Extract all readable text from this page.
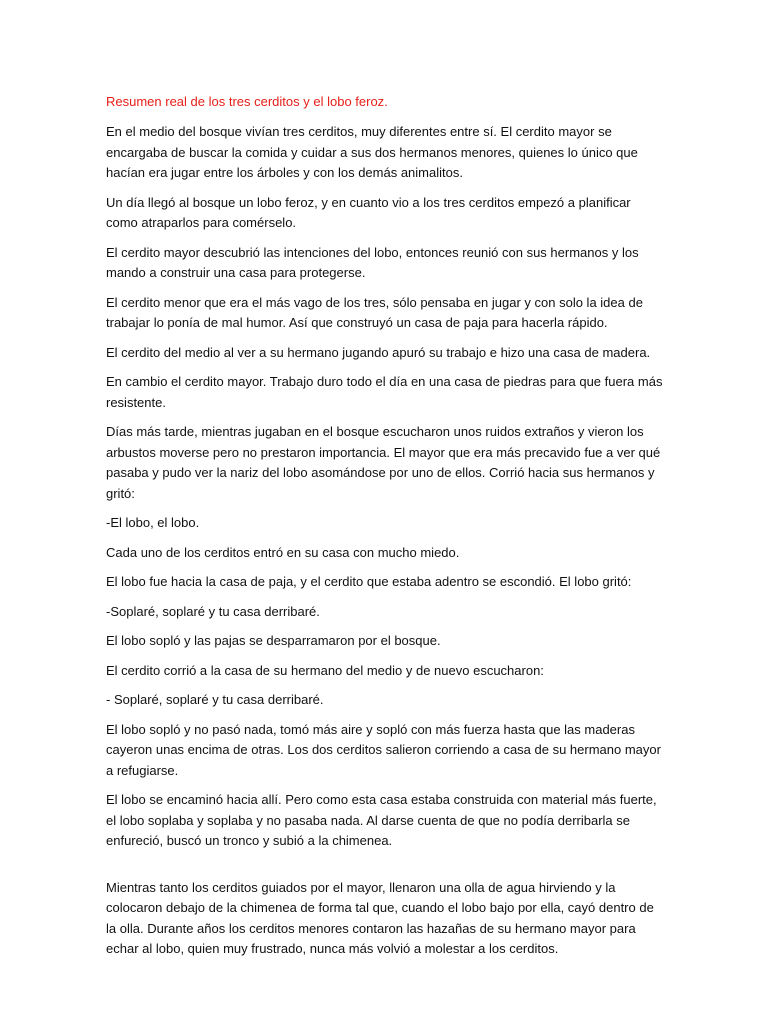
Resumen real de los tres cerditos y el lobo feroz.

En el medio del bosque vivían tres cerditos, muy diferentes entre sí. El cerdito mayor se encargaba de buscar la comida y cuidar a sus dos hermanos menores, quienes lo único que hacían era jugar entre los árboles y con los demás animalitos.

Un día llegó al bosque un lobo feroz, y en cuanto vio a los tres cerditos empezó a planificar como atraparlos para comérselo.

El cerdito mayor descubrió las intenciones del lobo, entonces reunió con sus hermanos y los mando a construir una casa para protegerse.

El cerdito menor que era el más vago de los tres, sólo pensaba en jugar y con solo la idea de trabajar lo ponía de mal humor. Así que construyó un casa de paja para hacerla rápido.

El cerdito del medio al ver a su hermano jugando apuró su trabajo e hizo una casa de madera.

En cambio el cerdito mayor. Trabajo duro todo el día en una casa de piedras para que fuera más resistente.

Días más tarde, mientras jugaban en el bosque escucharon unos ruidos extraños y vieron los arbustos moverse pero no prestaron importancia. El mayor que era más precavido fue a ver qué pasaba y pudo ver la nariz del lobo asomándose por uno de ellos. Corrió hacia sus hermanos y gritó:

-El lobo, el lobo.

Cada uno de los cerditos entró en su casa con mucho miedo.

El lobo fue hacia la casa de paja, y el cerdito que estaba adentro se escondió. El lobo gritó:

-Soplaré, soplaré y tu casa derribaré.

El lobo sopló y las pajas se desparramaron por el bosque.

El cerdito corrió a la casa de su hermano del medio y de nuevo escucharon:

- Soplaré, soplaré y tu casa derribaré.

El lobo sopló y no pasó nada, tomó más aire y sopló con más fuerza hasta que las maderas cayeron unas encima de otras. Los dos cerditos salieron corriendo a casa de su hermano mayor a refugiarse.

El lobo se encaminó hacia allí. Pero como esta casa estaba construida con material más fuerte, el lobo soplaba y soplaba y no pasaba nada. Al darse cuenta de que no podía derribarla se enfureció, buscó un tronco y subió a la chimenea.

Mientras tanto los cerditos guiados por el mayor, llenaron una olla de agua hirviendo y la colocaron debajo de la chimenea de forma tal que, cuando el lobo bajo por ella, cayó dentro de la olla. Durante años los cerditos menores contaron las hazañas de su hermano mayor para echar al lobo, quien muy frustrado, nunca más volvió a molestar a los cerditos.
